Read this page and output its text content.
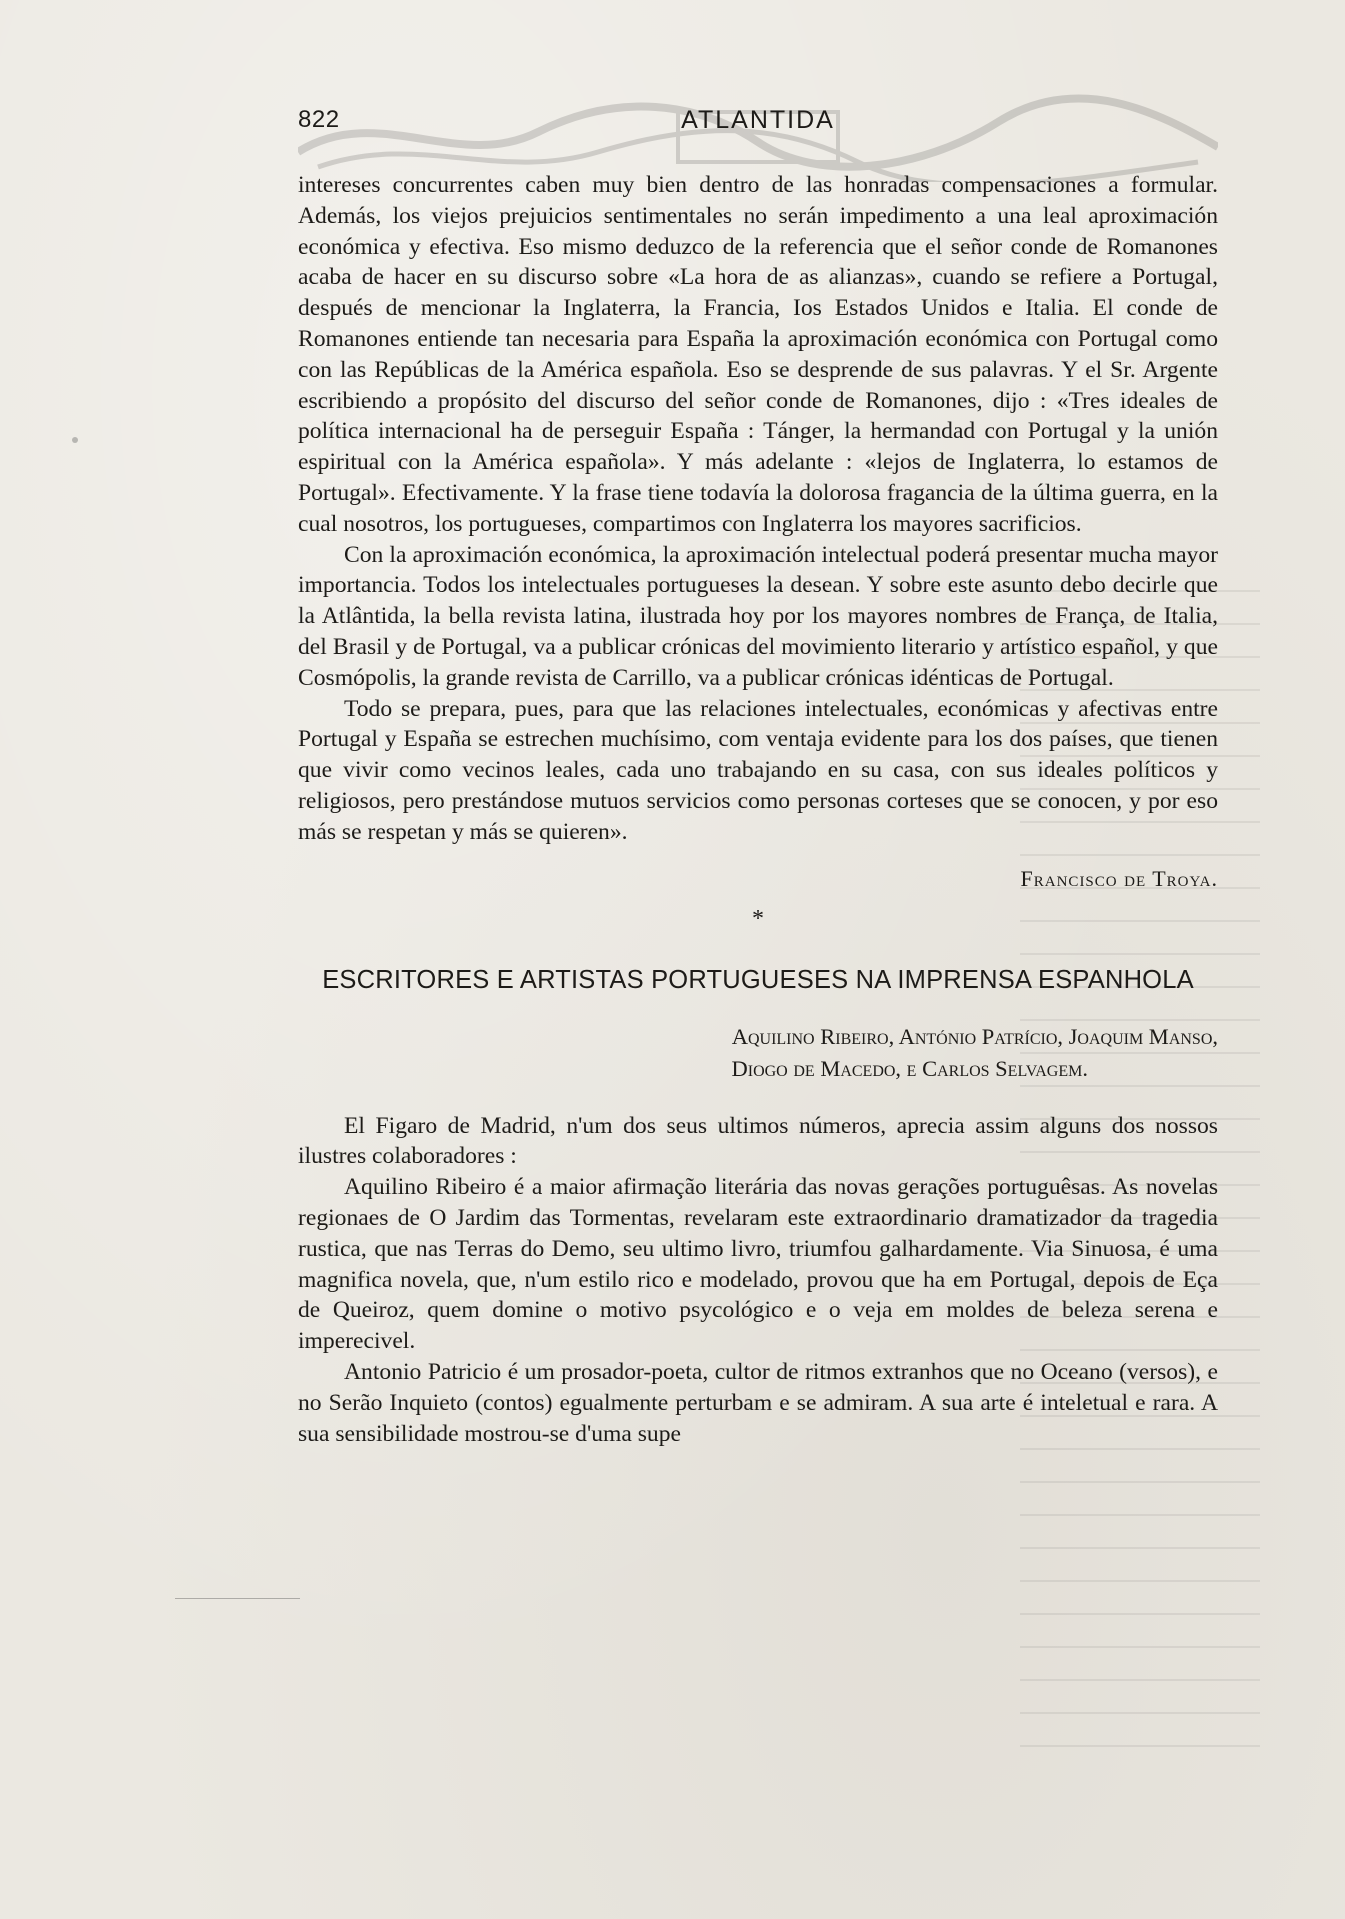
822	ATLANTIDA

intereses concurrentes caben muy bien dentro de las honradas compensaciones a formular. Además, los viejos prejuicios sentimentales no serán impedimento a una leal aproximación económica y efectiva. Eso mismo deduzco de la referencia que el señor conde de Romanones acaba de hacer en su discurso sobre «La hora de as alianzas», cuando se refiere a Portugal, después de mencionar la Inglaterra, la Francia, Ios Estados Unidos e Italia. El conde de Romanones entiende tan necesaria para España la aproximación económica con Portugal como con las Repúblicas de la América española. Eso se desprende de sus palavras. Y el Sr. Argente escribiendo a propósito del discurso del señor conde de Romanones, dijo : «Tres ideales de política internacional ha de perseguir España : Tánger, la hermandad con Portugal y la unión espiritual con la América española». Y más adelante : «lejos de Inglaterra, lo estamos de Portugal». Efectivamente. Y la frase tiene todavía la dolorosa fragancia de la última guerra, en la cual nosotros, los portugueses, compartimos con Inglaterra los mayores sacrificios.

Con la aproximación económica, la aproximación intelectual poderá presentar mucha mayor importancia. Todos los intelectuales portugueses la desean. Y sobre este asunto debo decirle que la Atlântida, la bella revista latina, ilustrada hoy por los mayores nombres de França, de Italia, del Brasil y de Portugal, va a publicar crónicas del movimiento literario y artístico español, y que Cosmópolis, la grande revista de Carrillo, va a publicar crónicas idénticas de Portugal.

Todo se prepara, pues, para que las relaciones intelectuales, económicas y afectivas entre Portugal y España se estrechen muchísimo, com ventaja evidente para los dos países, que tienen que vivir como vecinos leales, cada uno trabajando en su casa, con sus ideales políticos y religiosos, pero prestándose mutuos servicios como personas corteses que se conocen, y por eso más se respetan y más se quieren».

Francisco de Troya.
*
ESCRITORES E ARTISTAS PORTUGUESES NA IMPRENSA ESPANHOLA
Aquilino Ribeiro, António Patrício, Joaquim Manso,
Diogo de Macedo, e Carlos Selvagem.

El Figaro de Madrid, n'um dos seus ultimos números, aprecia assim alguns dos nossos ilustres colaboradores :

Aquilino Ribeiro é a maior afirmação literária das novas gerações portuguêsas. As novelas regionaes de O Jardim das Tormentas, revelaram este extraordinario dramatizador da tragedia rustica, que nas Terras do Demo, seu ultimo livro, triumfou galhardamente. Via Sinuosa, é uma magnifica novela, que, n'um estilo rico e modelado, provou que ha em Portugal, depois de Eça de Queiroz, quem domine o motivo psycológico e o veja em moldes de beleza serena e imperecivel.

Antonio Patricio é um prosador-poeta, cultor de ritmos extranhos que no Oceano (versos), e no Serão Inquieto (contos) egualmente perturbam e se admiram. A sua arte é inteletual e rara. A sua sensibilidade mostrou-se d'uma supe
